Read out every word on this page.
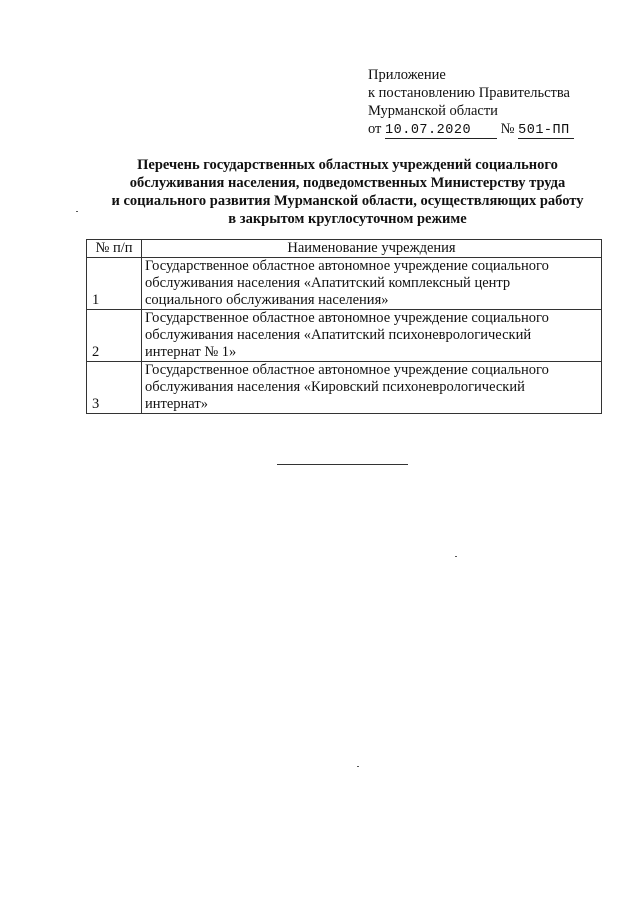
Приложение
к постановлению Правительства
Мурманской области
от 10.07.2020 № 501-ПП
Перечень государственных областных учреждений социального
обслуживания населения, подведомственных Министерству труда
и социального развития Мурманской области, осуществляющих работу
в закрытом круглосуточном режиме
№ п/п	Наименование учреждения
1	Государственное областное автономное учреждение социального
обслуживания населения «Апатитский комплексный центр
социального обслуживания населения»

2	Государственное областное автономное учреждение социального
обслуживания населения «Апатитский психоневрологический
интернат № 1»

3	Государственное областное автономное учреждение социального
обслуживания населения «Кировский психоневрологический
интернат»
